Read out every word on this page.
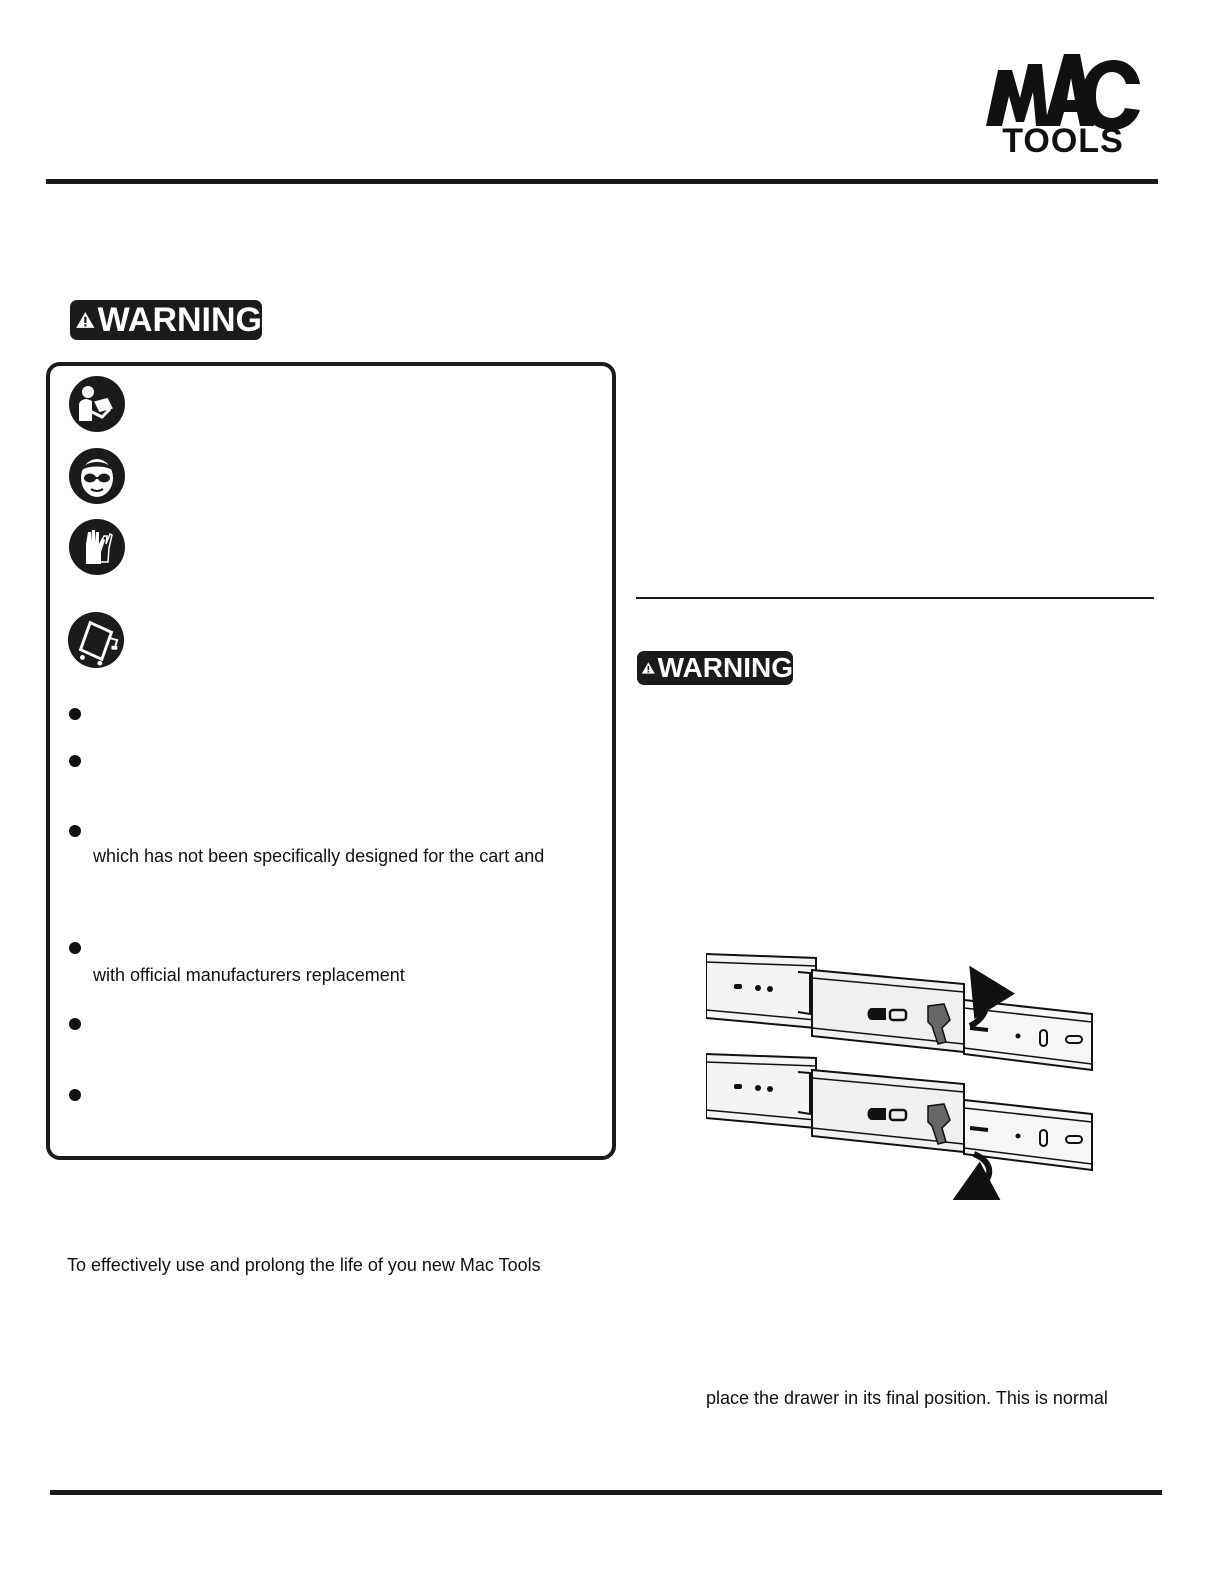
TOOLS
WARNING
which has not been specifically designed for the cart and
with official manufacturers replacement
To effectively use and prolong the life of you new Mac Tools
WARNING
place the drawer in its final position. This is normal
